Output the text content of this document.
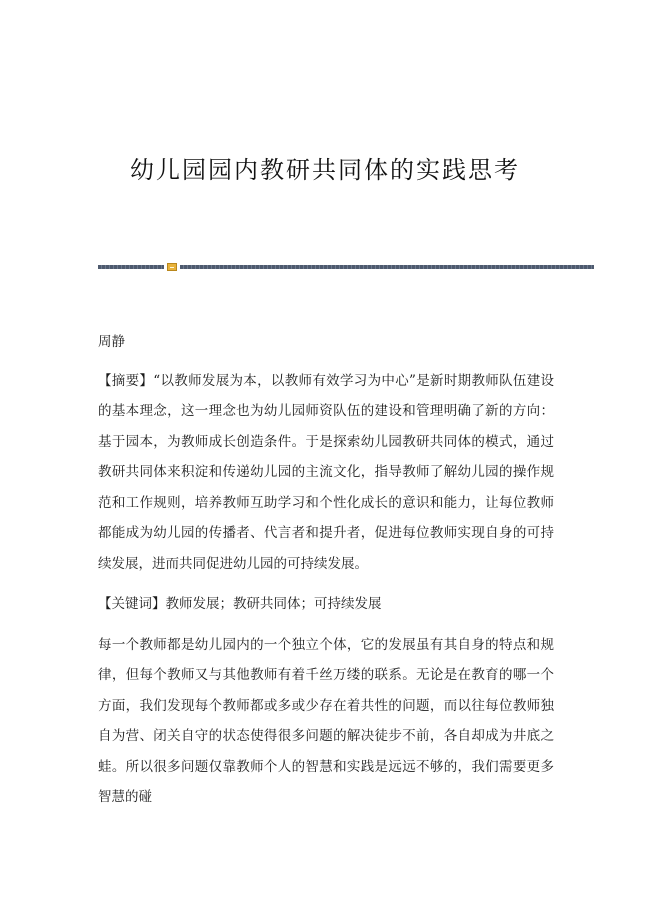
幼儿园园内教研共同体的实践思考

周静

【摘要】“以教师发展为本，以教师有效学习为中心”是新时期教师队伍建设的基本理念，这一理念也为幼儿园师资队伍的建设和管理明确了新的方向：基于园本，为教师成长创造条件。于是探索幼儿园教研共同体的模式，通过教研共同体来积淀和传递幼儿园的主流文化，指导教师了解幼儿园的操作规范和工作规则，培养教师互助学习和个性化成长的意识和能力，让每位教师都能成为幼儿园的传播者、代言者和提升者，促进每位教师实现自身的可持续发展，进而共同促进幼儿园的可持续发展。

【关键词】教师发展；教研共同体；可持续发展

每一个教师都是幼儿园内的一个独立个体，它的发展虽有其自身的特点和规律，但每个教师又与其他教师有着千丝万缕的联系。无论是在教育的哪一个方面，我们发现每个教师都或多或少存在着共性的问题，而以往每位教师独自为营、闭关自守的状态使得很多问题的解决徒步不前，各自却成为井底之蛙。所以很多问题仅靠教师个人的智慧和实践是远远不够的，我们需要更多智慧的碰
